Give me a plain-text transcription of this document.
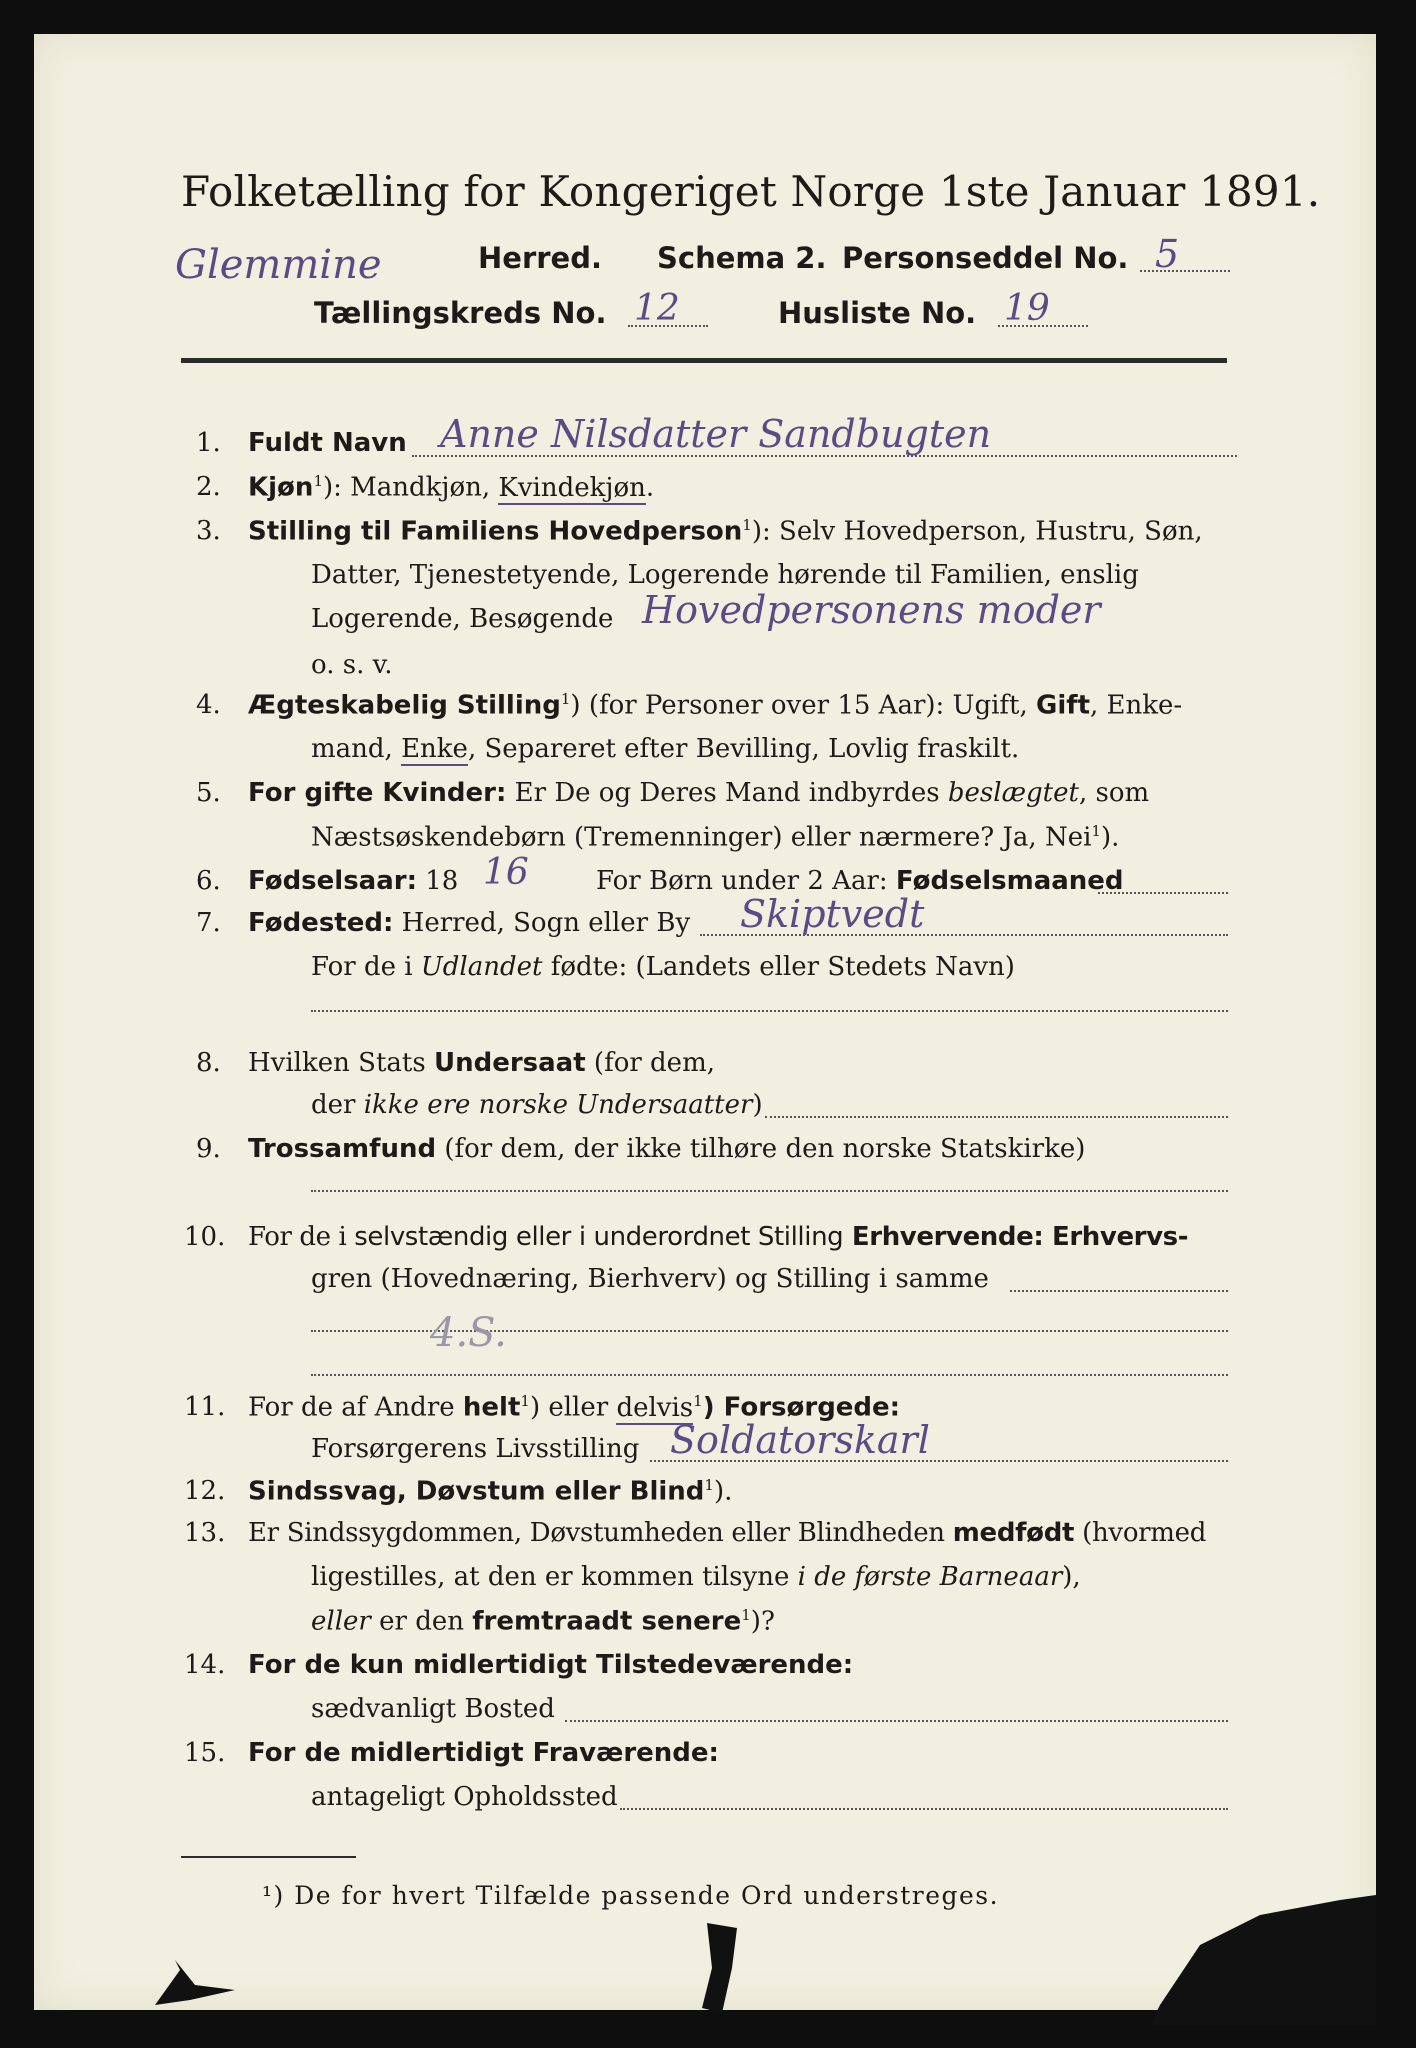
Folketælling for Kongeriget Norge 1ste Januar 1891.
Glemmine	Herred. Schema 2. Personseddel No. 5
Tællingskreds No. 12	Husliste No. 19
1. Fuldt Navn Anne Nilsdatter Sandbugten
2. Kjøn$^1$): Mandkjøn, Kvindekjøn.
3. Stilling til Familiens Hovedperson$^1$): Selv Hovedperson, Hustru, Søn,
Datter, Tjenestetyende, Logerende hørende til Familien, enslig
Logerende, Besøgende Hovedpersonens moder
o. s. v.
4. Ægteskabelig Stilling$^1$) (for Personer over 15 Aar): Ugift, Gift, Enke-
mand, Enke, Separeret efter Bevilling, Lovlig fraskilt.
5. For gifte Kvinder: Er De og Deres Mand indbyrdes beslægtet, som
Næstsøskendebørn (Tremenninger) eller nærmere? Ja, Nei$^1$).
6. Fødselsaar: 18 16	For Børn under 2 Aar: Fødselsmaaned
7. Fødested: Herred, Sogn eller By Skiptvedt
For de i Udlandet fødte: (Landets eller Stedets Navn)
8. Hvilken Stats Undersaat (for dem,
der ikke ere norske Undersaatter)
9. Trossamfund (for dem, der ikke tilhøre den norske Statskirke)
10. For de i selvstændig eller i underordnet Stilling Erhvervende: Erhvervs-
gren (Hovednæring, Bierhverv) og Stilling i samme
4.S.
11. For de af Andre helt$^1$) eller delvis$^1$) Forsørgede:
Forsørgerens Livsstilling Soldatorskarl
12. Sindssvag, Døvstum eller Blind$^1$).
13. Er Sindssygdommen, Døvstumheden eller Blindheden medfødt (hvormed
ligestilles, at den er kommen tilsyne i de første Barneaar),
eller er den fremtraadt senere$^1$)?
14. For de kun midlertidigt Tilstedeværende:
sædvanligt Bosted
15. For de midlertidigt Fraværende:
antageligt Opholdssted
¹) De for hvert Tilfælde passende Ord understreges.
